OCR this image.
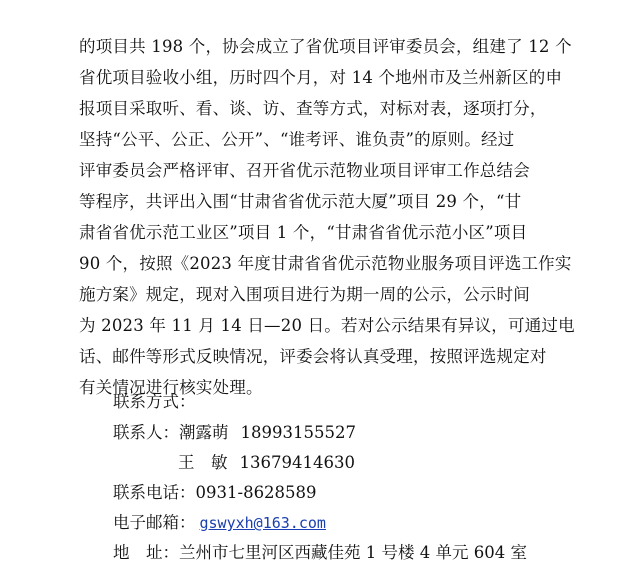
的项目共 198 个，协会成立了省优项目评审委员会，组建了 12 个
省优项目验收小组，历时四个月，对 14 个地州市及兰州新区的申
报项目采取听、看、谈、访、查等方式，对标对表，逐项打分，
坚持“公平、公正、公开”、“谁考评、谁负责”的原则。经过
评审委员会严格评审、召开省优示范物业项目评审工作总结会
等程序，共评出入围“甘肃省省优示范大厦”项目 29 个，“甘
肃省省优示范工业区”项目 1 个，“甘肃省省优示范小区”项目
90 个，按照《2023 年度甘肃省省优示范物业服务项目评选工作实
施方案》规定，现对入围项目进行为期一周的公示，公示时间
为 2023 年 11 月 14 日—20 日。若对公示结果有异议，可通过电
话、邮件等形式反映情况，评委会将认真受理，按照评选规定对
有关情况进行核实处理。
联系方式：
联系人：潮露萌 18993155527
王　敏 13679414630
联系电话：0931-8628589
电子邮箱： gswyxh@163.com
地　址：兰州市七里河区西藏佳苑 1 号楼 4 单元 604 室
